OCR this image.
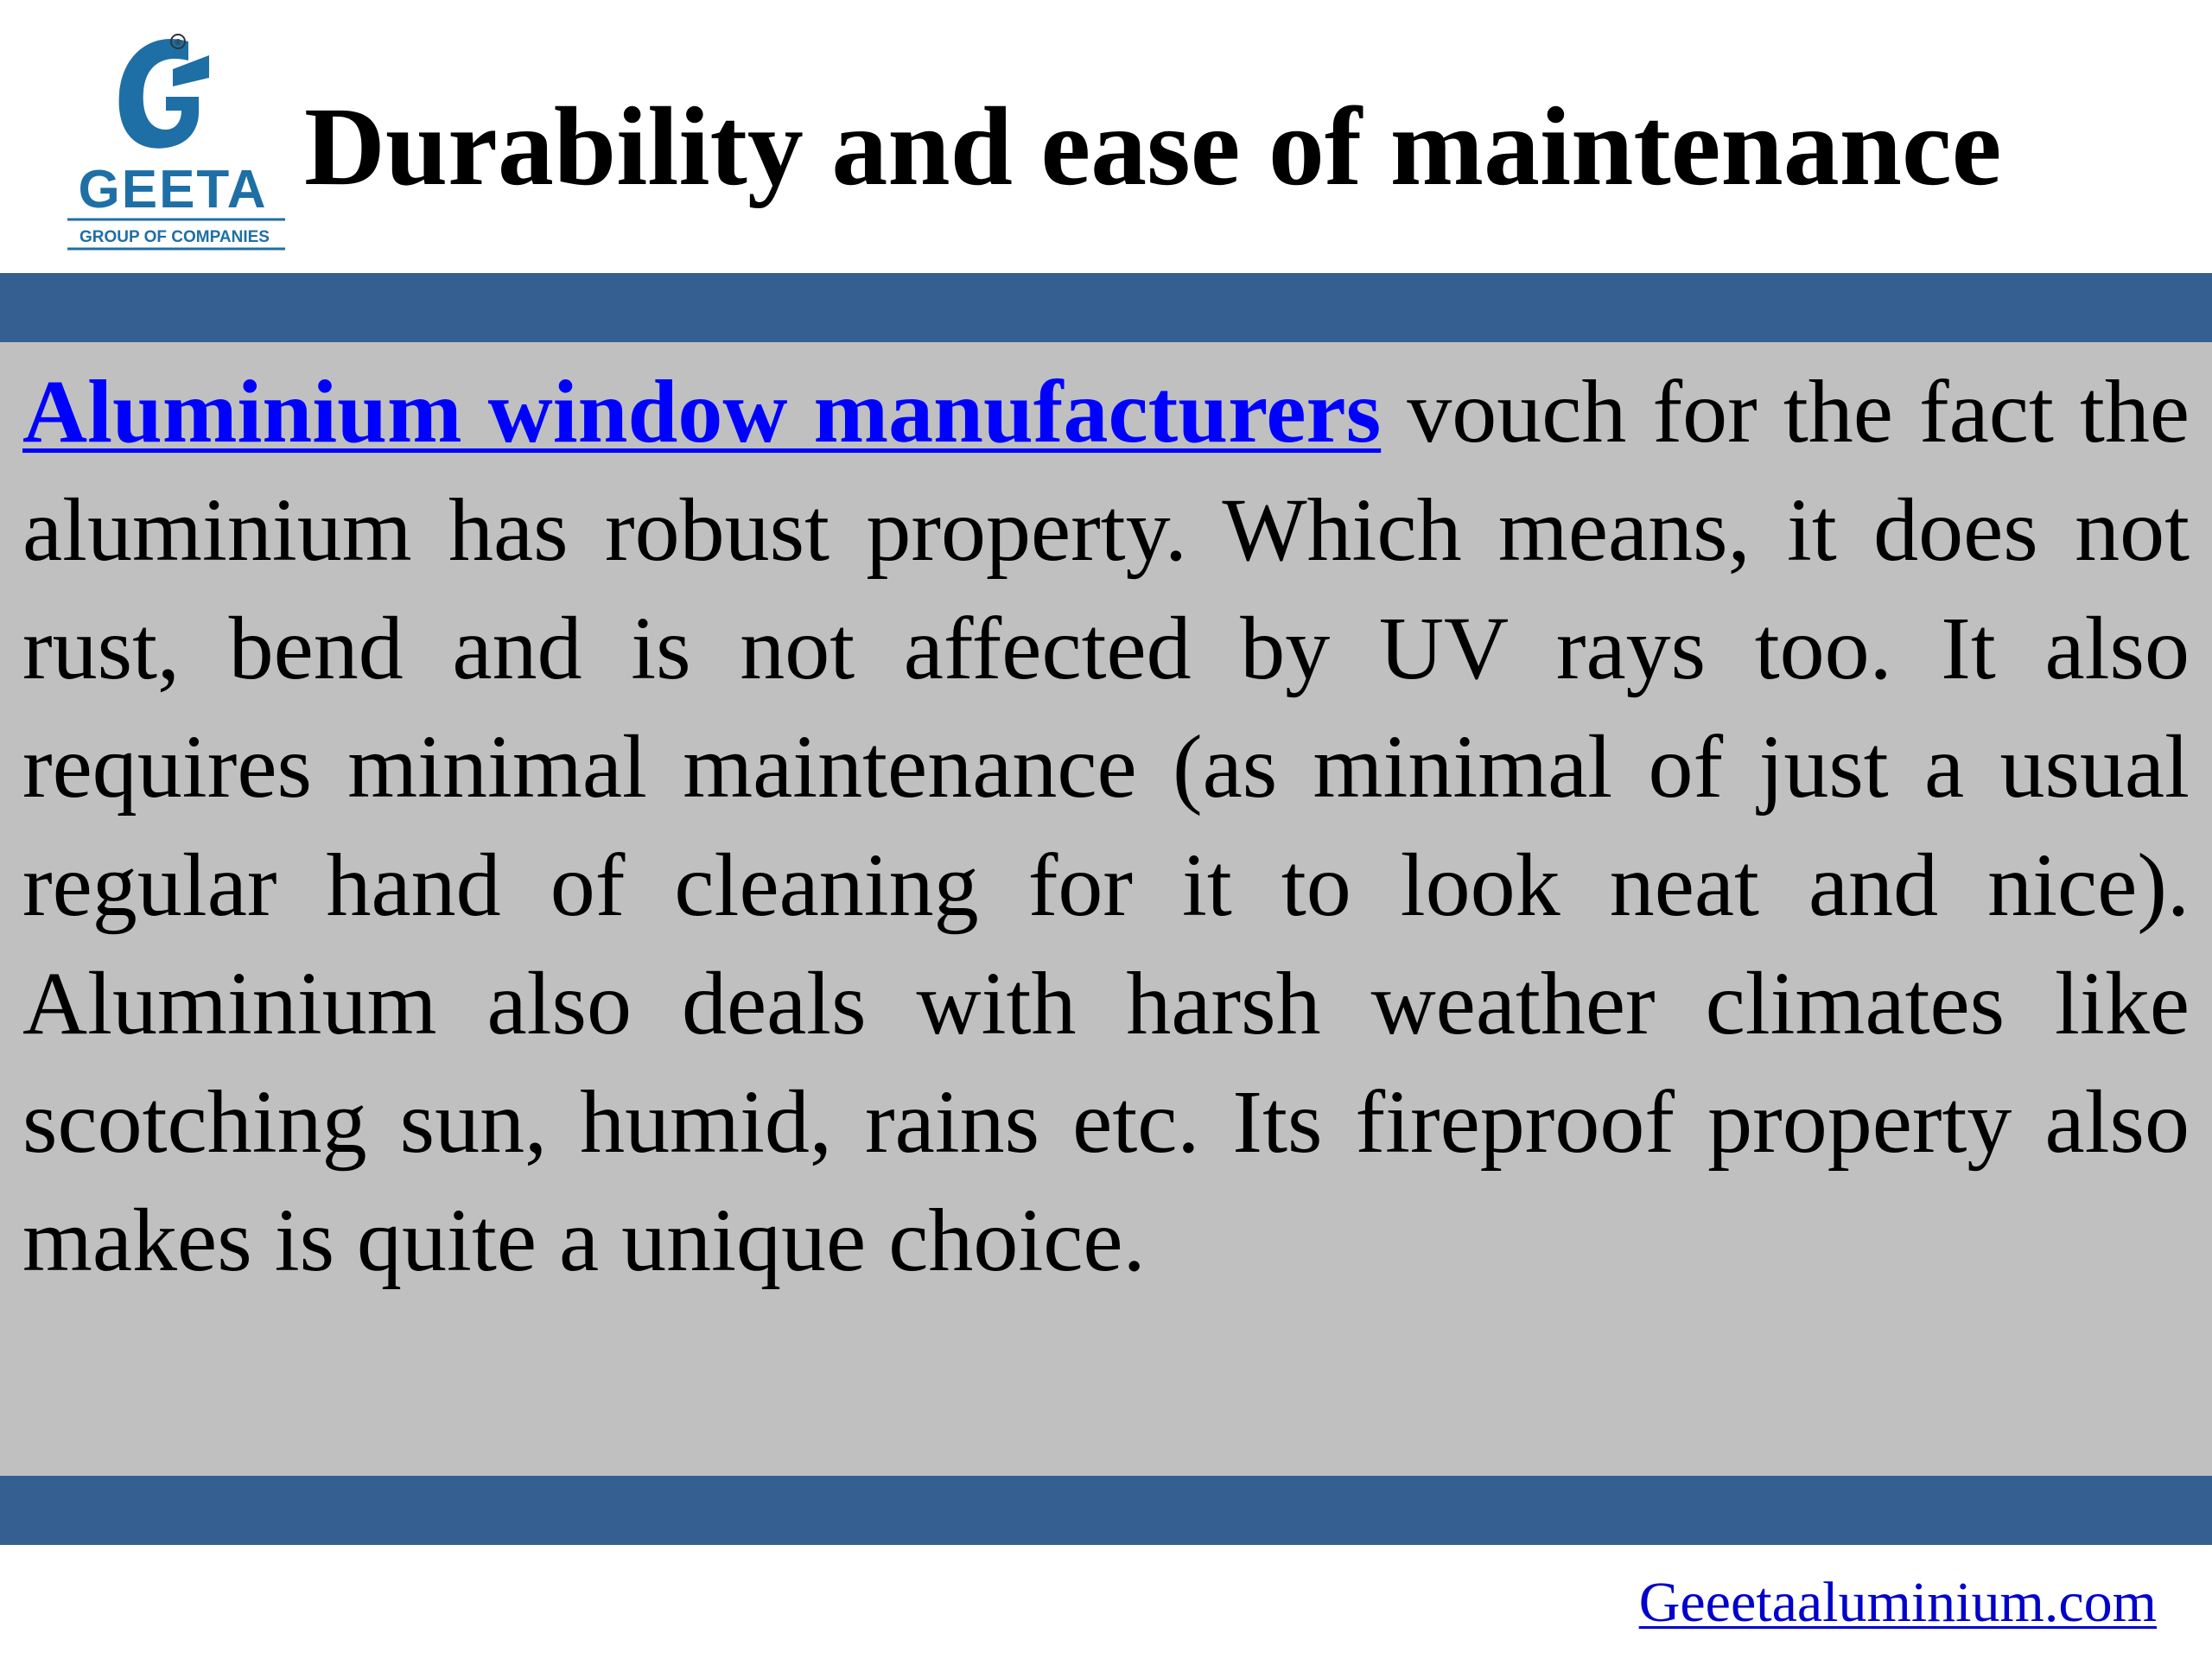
®
GEETA
GROUP OF COMPANIES
Durability and ease of maintenance

Aluminium window manufacturers vouch for the fact the aluminium has robust property. Which means, it does not rust, bend and is not affected by UV rays too. It also requires minimal maintenance (as minimal of just a usual regular hand of cleaning for it to look neat and nice). Aluminium also deals with harsh weather climates like scotching sun, humid, rains etc. Its fireproof property also makes is quite a unique choice.

Geeetaaluminium.com
